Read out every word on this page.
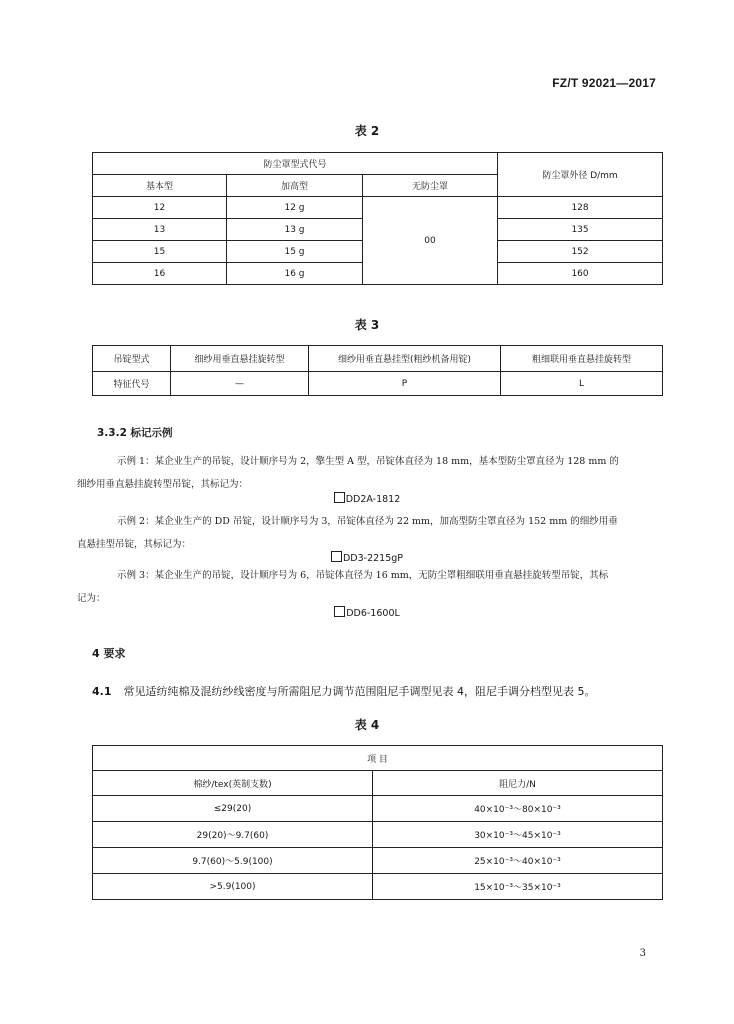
FZ/T 92021—2017
表 2
防尘罩型式代号			防尘罩外径 D/mm
基本型	加高型	无防尘罩	
12	12 g	00	128
13	13 g		135
15	15 g		152
16	16 g		160
表 3
吊锭型式	细纱用垂直悬挂旋转型	细纱用垂直悬挂型(粗纱机备用锭)	粗细联用垂直悬挂旋转型
特征代号	—	P	L
3.3.2 标记示例
示例 1：某企业生产的吊锭，设计顺序号为 2，擎生型 A 型，吊锭体直径为 18 mm，基本型防尘罩直径为 128 mm 的
细纱用垂直悬挂旋转型吊锭，其标记为：
DD2A-1812
示例 2：某企业生产的 DD 吊锭，设计顺序号为 3，吊锭体直径为 22 mm，加高型防尘罩直径为 152 mm 的细纱用垂
直悬挂型吊锭，其标记为：
DD3-2215gP
示例 3：某企业生产的吊锭，设计顺序号为 6，吊锭体直径为 16 mm，无防尘罩粗细联用垂直悬挂旋转型吊锭，其标
记为：
DD6-1600L
4 要求
4.1 常见适纺纯棉及混纺纱线密度与所需阻尼力调节范围阻尼手调型见表 4，阻尼手调分档型见表 5。
表 4
项 目	
棉纱/tex(英制支数)	阻尼力/N
≤29(20)	40×10⁻³～80×10⁻³
29(20)～9.7(60)	30×10⁻³～45×10⁻³
9.7(60)～5.9(100)	25×10⁻³～40×10⁻³
>5.9(100)	15×10⁻³～35×10⁻³
3
